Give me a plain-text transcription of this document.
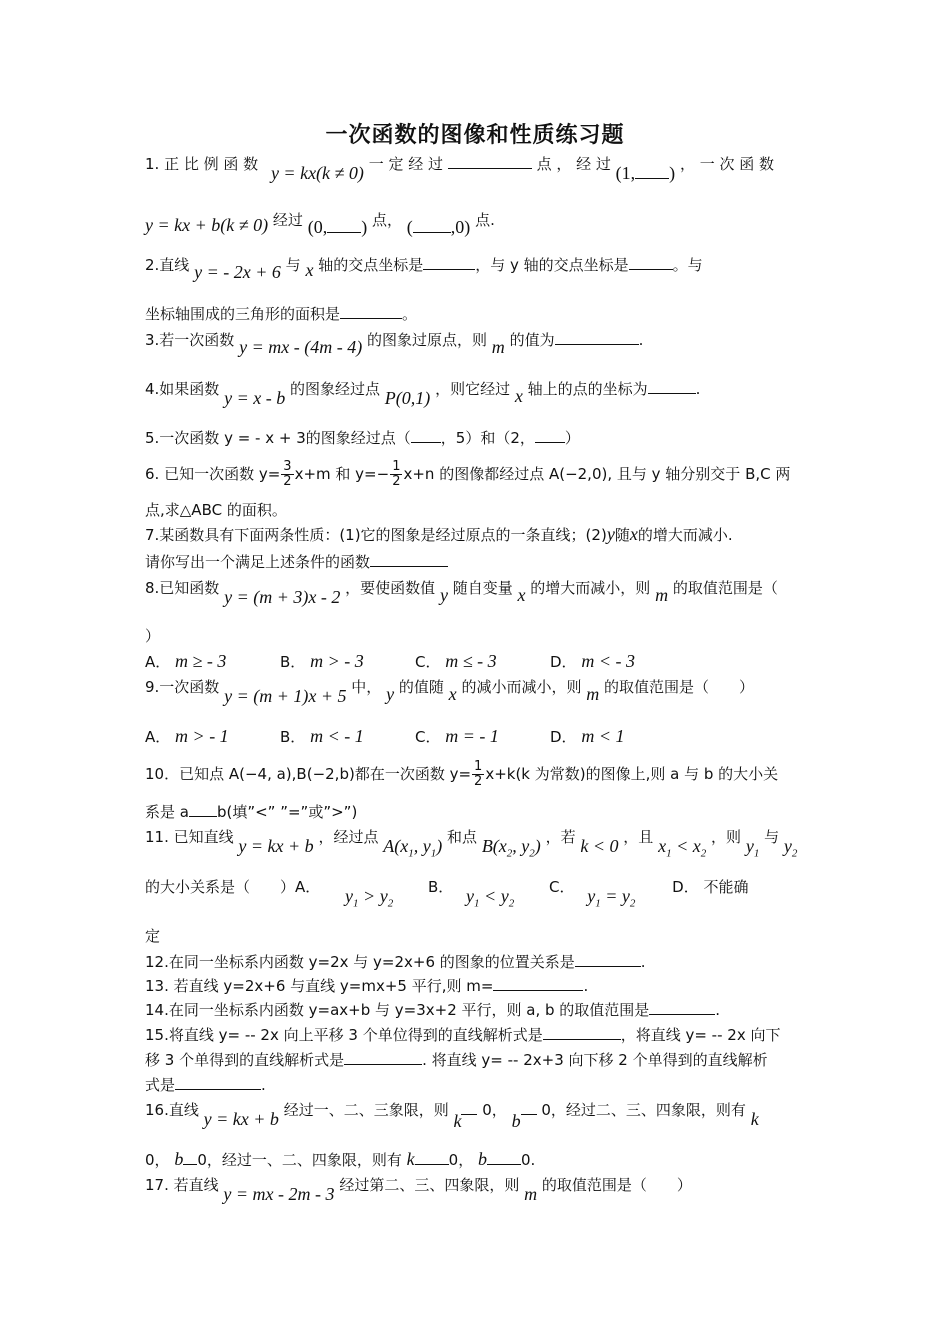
一次函数的图像和性质练习题
1. 正 比 例 函 数 y = kx(k ≠ 0) 一 定 经 过	点 ， 经 过 (1, ) ， 一 次 函 数
y = kx + b(k ≠ 0) 经过 (0, ) 点， ( ,0) 点.
2.直线 y = - 2x + 6 与 x 轴的交点坐标是	，与 y 轴的交点坐标是	。与
坐标轴围成的三角形的面积是	。
3.若一次函数 y = mx - (4m - 4) 的图象过原点，则 m 的值为	.
4.如果函数 y = x - b 的图象经过点 P(0,1) ，则它经过 x 轴上的点的坐标为	.
5.一次函数 y = - x + 3的图象经过点（ ，5）和（2， ）
6. 已知一次函数 $y= \frac{3}{2} x+m$ 和 $y=- \frac{1}{2} x+n$ 的图像都经过点 A(−2,0), 且与 y 轴分别交于 B,C 两
点,求△ABC 的面积。
7.某函数具有下面两条性质：(1)它的图象是经过原点的一条直线；(2)y随x的增大而减小.
请你写出一个满足上述条件的函数
8.已知函数 y = (m + 3)x - 2 ，要使函数值 y 随自变量 x 的增大而减小，则 m 的取值范围是（
）
A． m ≥ - 3	B． m > - 3	C． m ≤ - 3	D． m < - 3
9.一次函数 y = (m + 1)x + 5 中， y 的值随 x 的减小而减小，则 m 的取值范围是（　　）
A． m > - 1	B． m < - 1	C． m = - 1	D． m < 1
10．已知点 A(−4, a),B(−2,b)都在一次函数 $y= \frac{1}{2} x+k(k$ 为常数)的图像上,则 a 与 b 的大小关
系是 a b(填”<” ”=”或”>”)
11. 已知直线 y = kx + b ，经过点 $A(x_1$, $y_1$) 和点 $B(x_2$, $y_2$) ，若 k < 0 ，且 $x_1 < x_2$ ，则 $y_1$ 与 $y_2$
的大小关系是（　　）A． $y_1 > y_2$ B． $y_1 < y_2$ C． $y_1 = y_2$ D． 不能确
定
12.在同一坐标系内函数 y=2x 与 y=2x+6 的图象的位置关系是	.
13. 若直线 y=2x+6 与直线 y=mx+5 平行,则 m=	.
14.在同一坐标系内函数 y=ax+b 与 y=3x+2 平行，则 a, b 的取值范围是	.
15.将直线 y= -- 2x 向上平移 3 个单位得到的直线解析式是	，将直线 y= -- 2x 向下
移 3 个单得到的直线解析式是	. 将直线 y= -- 2x+3 向下移 2 个单得到的直线解析
式是	.
16.直线 y = kx + b 经过一、二、三象限，则 k 0， b 0，经过二、三、四象限，则有 k
0， b 0，经过一、二、四象限，则有 k 0， b 0.
17. 若直线 y = mx - 2m - 3 经过第二、三、四象限，则 m 的取值范围是（　　）
